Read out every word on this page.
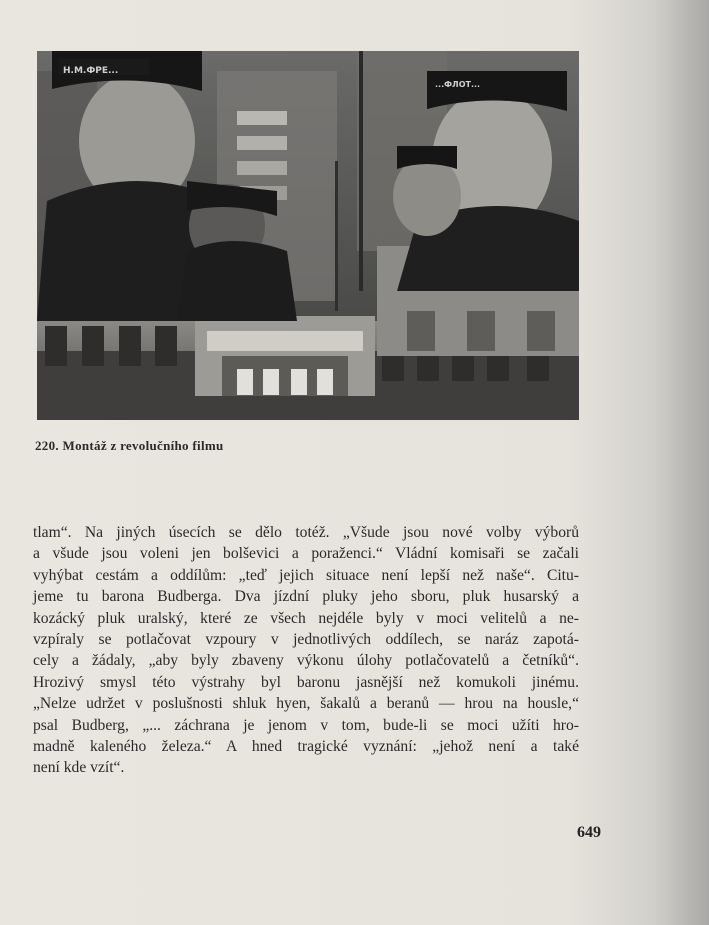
H.M.ФРЕ...
...ФЛОТ...
220. Montáž z revolučního filmu
tlam“. Na jiných úsecích se dělo totéž. „Všude jsou nové volby výborů
a všude jsou voleni jen bolševici a poraženci.“ Vládní komisaři se začali
vyhýbat cestám a oddílům: „teď jejich situace není lepší než naše“. Citu-
jeme tu barona Budberga. Dva jízdní pluky jeho sboru, pluk husarský a
kozácký pluk uralský, které ze všech nejdéle byly v moci velitelů a ne-
vzpíraly se potlačovat vzpoury v jednotlivých oddílech, se naráz zapotá-
cely a žádaly, „aby byly zbaveny výkonu úlohy potlačovatelů a četníků“.
Hrozivý smysl této výstrahy byl baronu jasnější než komukoli jinému.
„Nelze udržet v poslušnosti shluk hyen, šakalů a beranů — hrou na housle,“
psal Budberg, „... záchrana je jenom v tom, bude-li se moci užíti hro-
madně kaleného železa.“ A hned tragické vyznání: „jehož není a také
není kde vzít“.
649
